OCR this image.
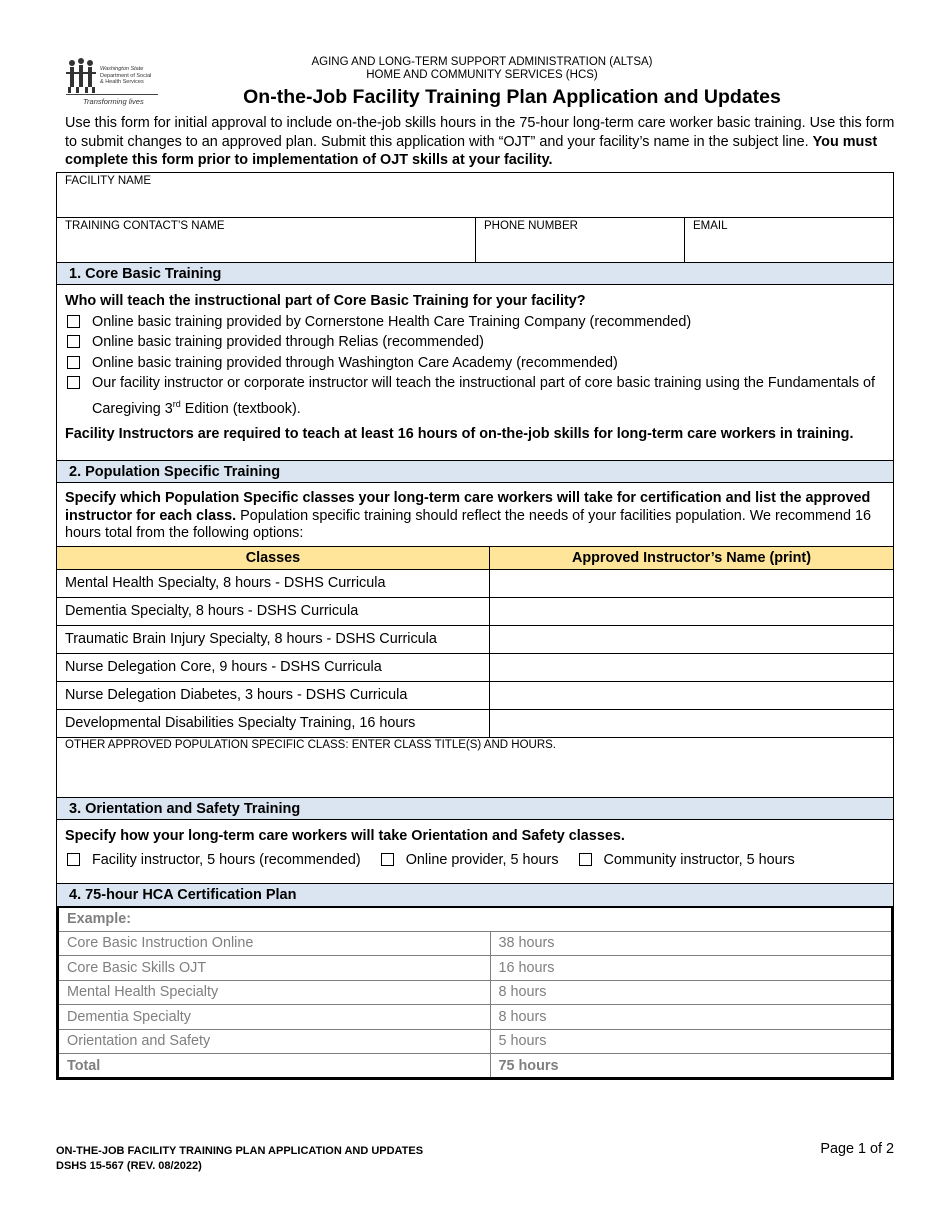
Washington State
Department of Social
& Health Services
Transforming lives
AGING AND LONG-TERM SUPPORT ADMINISTRATION (ALTSA)
HOME AND COMMUNITY SERVICES (HCS)
On-the-Job Facility Training Plan Application and Updates
Use this form for initial approval to include on-the-job skills hours in the 75-hour long-term care worker basic training. Use this form to submit changes to an approved plan. Submit this application with “OJT” and your facility’s name in the subject line. You must complete this form prior to implementation of OJT skills at your facility.
FACILITY NAME
TRAINING CONTACT’S NAME	PHONE NUMBER	EMAIL
1. Core Basic Training
Who will teach the instructional part of Core Basic Training for your facility?
Online basic training provided by Cornerstone Health Care Training Company (recommended)
Online basic training provided through Relias (recommended)
Online basic training provided through Washington Care Academy (recommended)
Our facility instructor or corporate instructor will teach the instructional part of core basic training using the Fundamentals of Caregiving 3rd Edition (textbook).
Facility Instructors are required to teach at least 16 hours of on-the-job skills for long-term care workers in training.
2. Population Specific Training
Specify which Population Specific classes your long-term care workers will take for certification and list the approved instructor for each class. Population specific training should reflect the needs of your facilities population. We recommend 16 hours total from the following options:
Classes	Approved Instructor’s Name (print)
Mental Health Specialty, 8 hours - DSHS Curricula	
Dementia Specialty, 8 hours - DSHS Curricula	
Traumatic Brain Injury Specialty, 8 hours - DSHS Curricula	
Nurse Delegation Core, 9 hours - DSHS Curricula	
Nurse Delegation Diabetes, 3 hours - DSHS Curricula	
Developmental Disabilities Specialty Training, 16 hours	
OTHER APPROVED POPULATION SPECIFIC CLASS: ENTER CLASS TITLE(S) AND HOURS.
3. Orientation and Safety Training
Specify how your long-term care workers will take Orientation and Safety classes.
Facility instructor, 5 hours (recommended)	Online provider, 5 hours	Community instructor, 5 hours
4. 75-hour HCA Certification Plan
Example:	
Core Basic Instruction Online	38 hours
Core Basic Skills OJT	16 hours
Mental Health Specialty	8 hours
Dementia Specialty	8 hours
Orientation and Safety	5 hours
Total	75 hours
ON-THE-JOB FACILITY TRAINING PLAN APPLICATION AND UPDATES
DSHS 15-567 (REV. 08/2022)
Page 1 of 2
